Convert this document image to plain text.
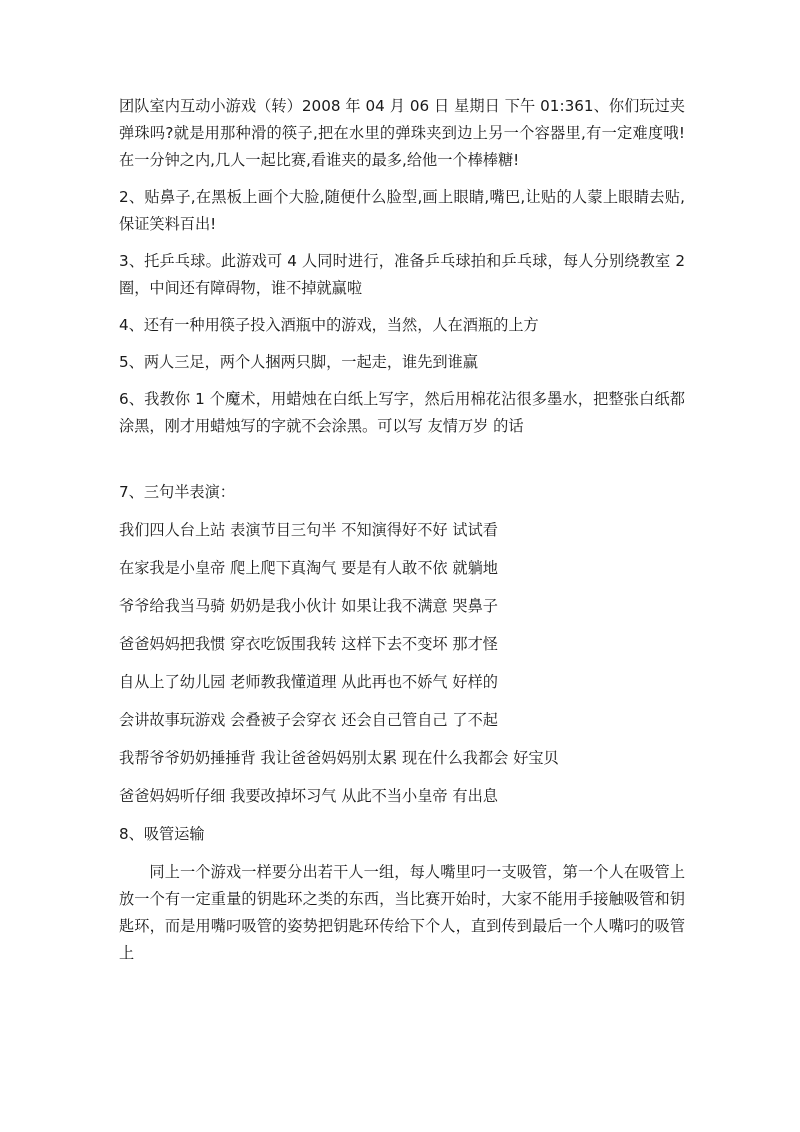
团队室内互动小游戏（转）2008 年 04 月 06 日 星期日 下午 01:361、你们玩过夹弹珠吗?就是用那种滑的筷子,把在水里的弹珠夹到边上另一个容器里,有一定难度哦!在一分钟之内,几人一起比赛,看谁夹的最多,给他一个棒棒糖!

2、贴鼻子,在黑板上画个大脸,随便什么脸型,画上眼睛,嘴巴,让贴的人蒙上眼睛去贴,保证笑料百出!

3、托乒乓球。此游戏可 4 人同时进行，准备乒乓球拍和乒乓球，每人分别绕教室 2 圈，中间还有障碍物，谁不掉就赢啦

4、还有一种用筷子投入酒瓶中的游戏，当然，人在酒瓶的上方

5、两人三足，两个人捆两只脚，一起走，谁先到谁赢

6、我教你 1 个魔术，用蜡烛在白纸上写字，然后用棉花沾很多墨水，把整张白纸都涂黑，刚才用蜡烛写的字就不会涂黑。可以写 友情万岁 的话

7、三句半表演：

我们四人台上站 表演节目三句半 不知演得好不好 试试看

在家我是小皇帝 爬上爬下真淘气 要是有人敢不依 就躺地

爷爷给我当马骑 奶奶是我小伙计 如果让我不满意 哭鼻子

爸爸妈妈把我惯 穿衣吃饭围我转 这样下去不变坏 那才怪

自从上了幼儿园 老师教我懂道理 从此再也不娇气 好样的

会讲故事玩游戏 会叠被子会穿衣 还会自己管自己 了不起

我帮爷爷奶奶捶捶背 我让爸爸妈妈别太累 现在什么我都会 好宝贝

爸爸妈妈听仔细 我要改掉坏习气 从此不当小皇帝 有出息

8、吸管运输

同上一个游戏一样要分出若干人一组，每人嘴里叼一支吸管，第一个人在吸管上放一个有一定重量的钥匙环之类的东西，当比赛开始时，大家不能用手接触吸管和钥匙环，而是用嘴叼吸管的姿势把钥匙环传给下个人，直到传到最后一个人嘴叼的吸管上
